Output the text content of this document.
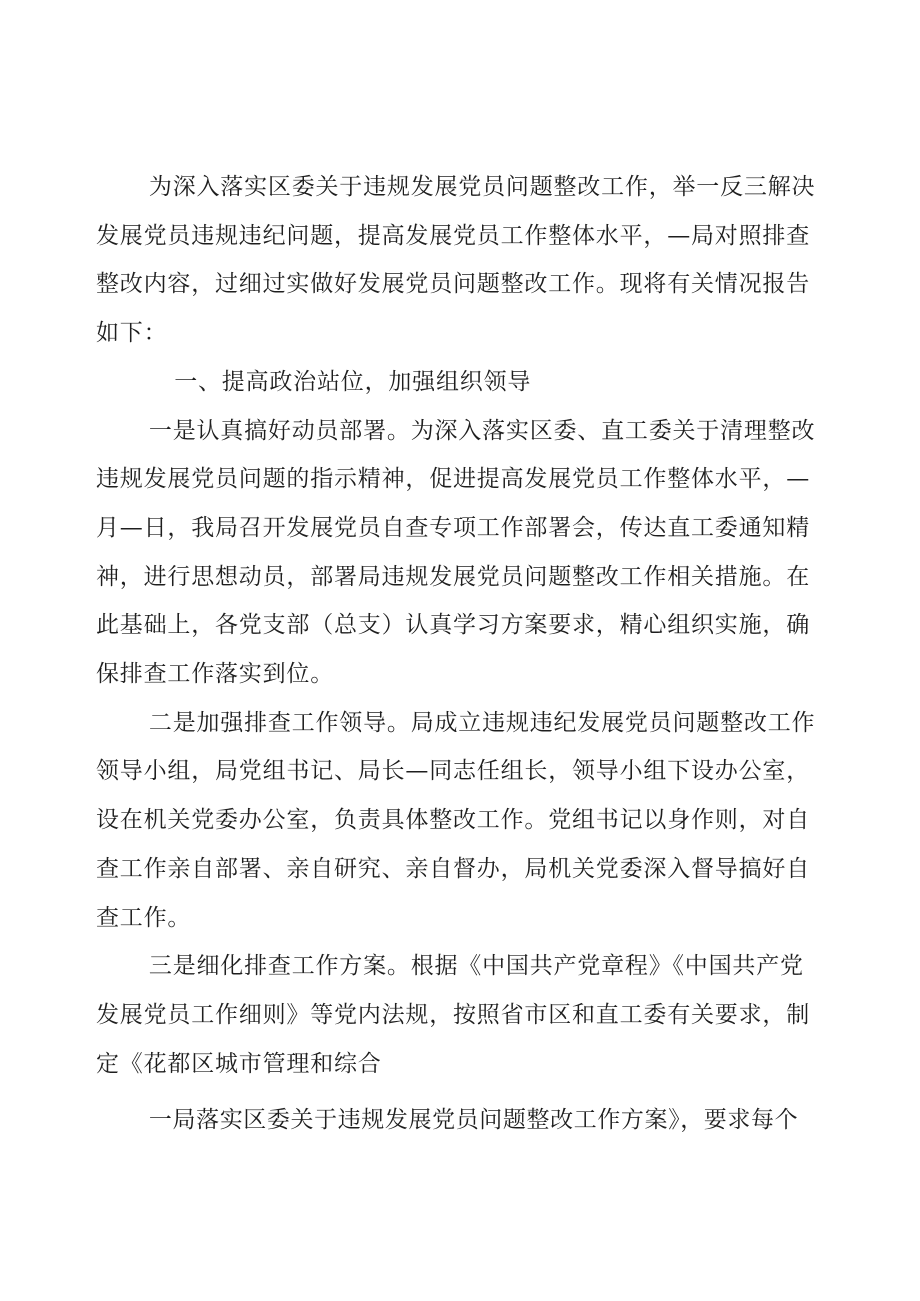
为深入落实区委关于违规发展党员问题整改工作，举一反三解决
发展党员违规违纪问题，提高发展党员工作整体水平，—局对照排查
整改内容，过细过实做好发展党员问题整改工作。现将有关情况报告
如下：

一、提高政治站位，加强组织领导

一是认真搞好动员部署。为深入落实区委、直工委关于清理整改
违规发展党员问题的指示精神，促进提高发展党员工作整体水平，—
月—日，我局召开发展党员自查专项工作部署会，传达直工委通知精
神，进行思想动员，部署局违规发展党员问题整改工作相关措施。在
此基础上，各党支部（总支）认真学习方案要求，精心组织实施，确
保排查工作落实到位。

二是加强排查工作领导。局成立违规违纪发展党员问题整改工作
领导小组，局党组书记、局长—同志任组长，领导小组下设办公室，
设在机关党委办公室，负责具体整改工作。党组书记以身作则，对自
查工作亲自部署、亲自研究、亲自督办，局机关党委深入督导搞好自
查工作。

三是细化排查工作方案。根据《中国共产党章程》《中国共产党
发展党员工作细则》等党内法规，按照省市区和直工委有关要求，制
定《花都区城市管理和综合

一局落实区委关于违规发展党员问题整改工作方案》，要求每个
